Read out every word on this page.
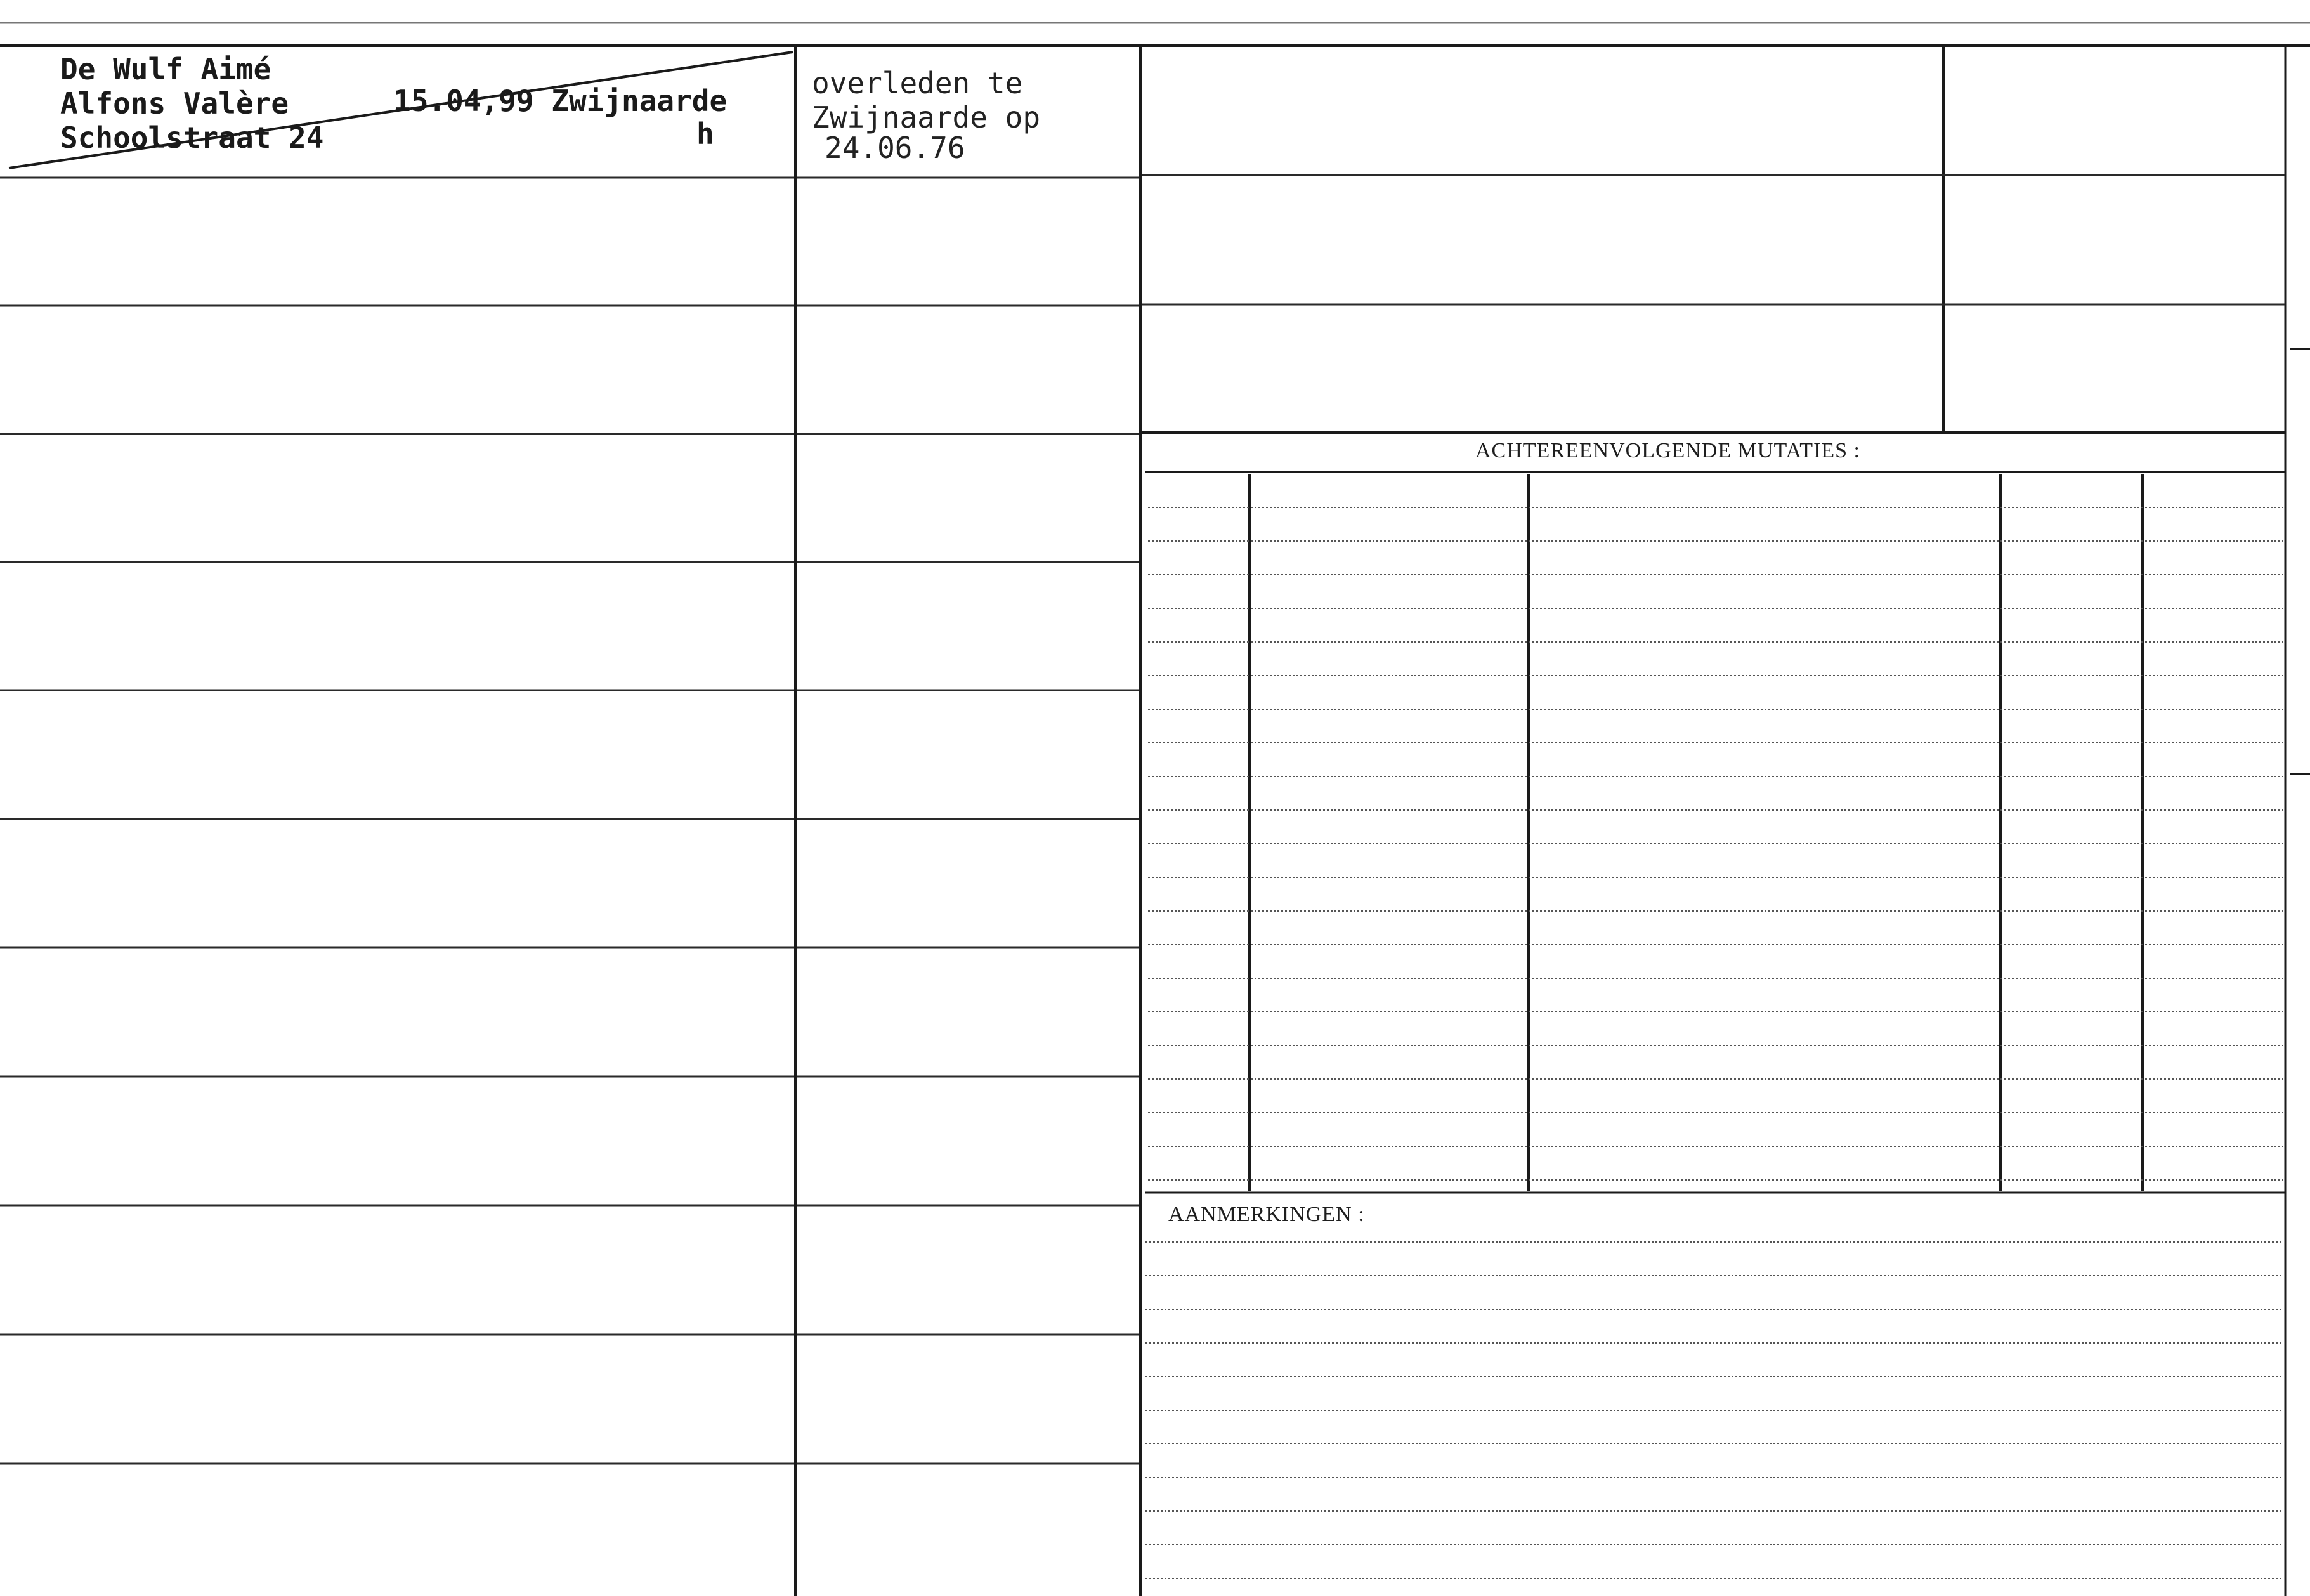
De Wulf Aimé
Alfons Valère	15.04,99 Zwijnaarde
Schoolstraat 24	h
overleden te
Zwijnaarde op
24.06.76
ACHTEREENVOLGENDE MUTATIES :
AANMERKINGEN :
